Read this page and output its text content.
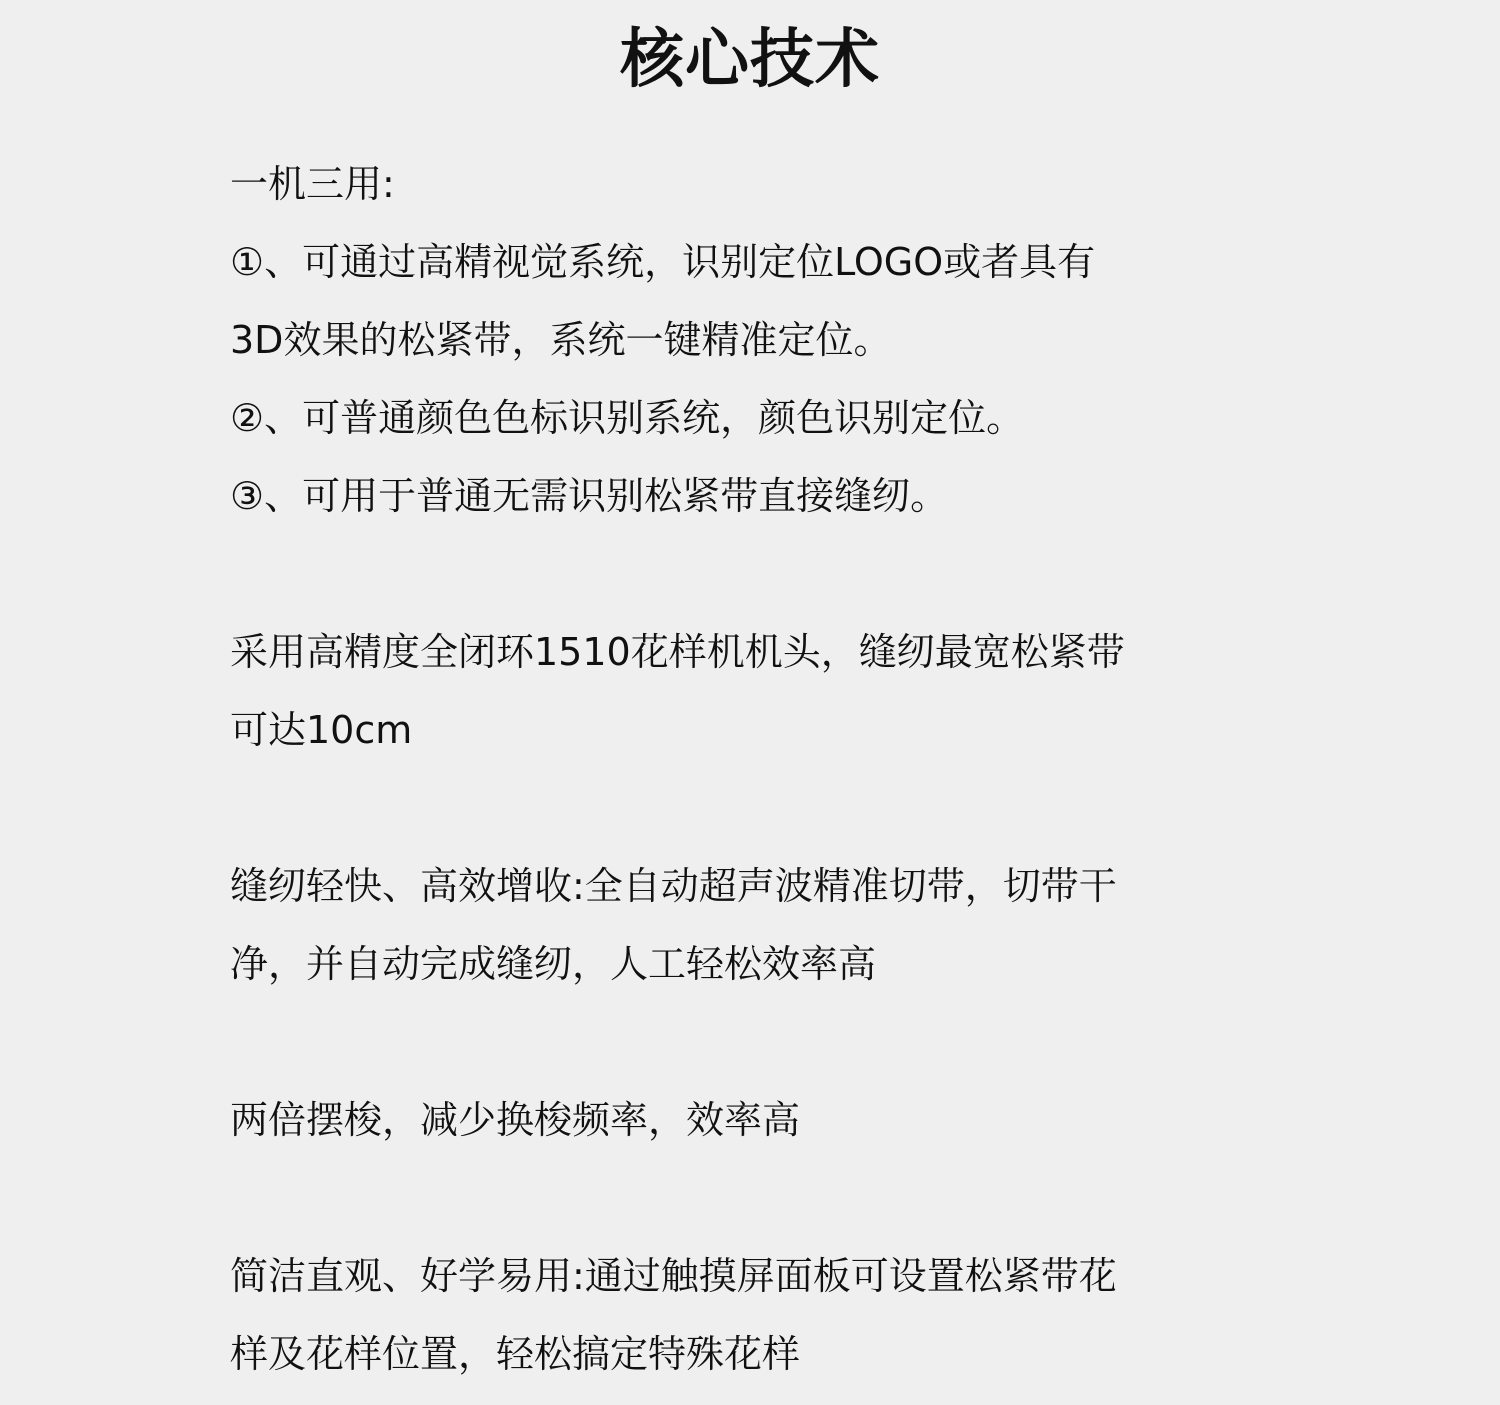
核心技术
一机三用:
①、可通过高精视觉系统，识别定位LOGO或者具有
3D效果的松紧带，系统一键精准定位。
②、可普通颜色色标识别系统，颜色识别定位。
③、可用于普通无需识别松紧带直接缝纫。
采用高精度全闭环1510花样机机头，缝纫最宽松紧带
可达10cm
缝纫轻快、高效增收:全自动超声波精准切带，切带干
净，并自动完成缝纫，人工轻松效率高
两倍摆梭，减少换梭频率，效率高
简洁直观、好学易用:通过触摸屏面板可设置松紧带花
样及花样位置，轻松搞定特殊花样
